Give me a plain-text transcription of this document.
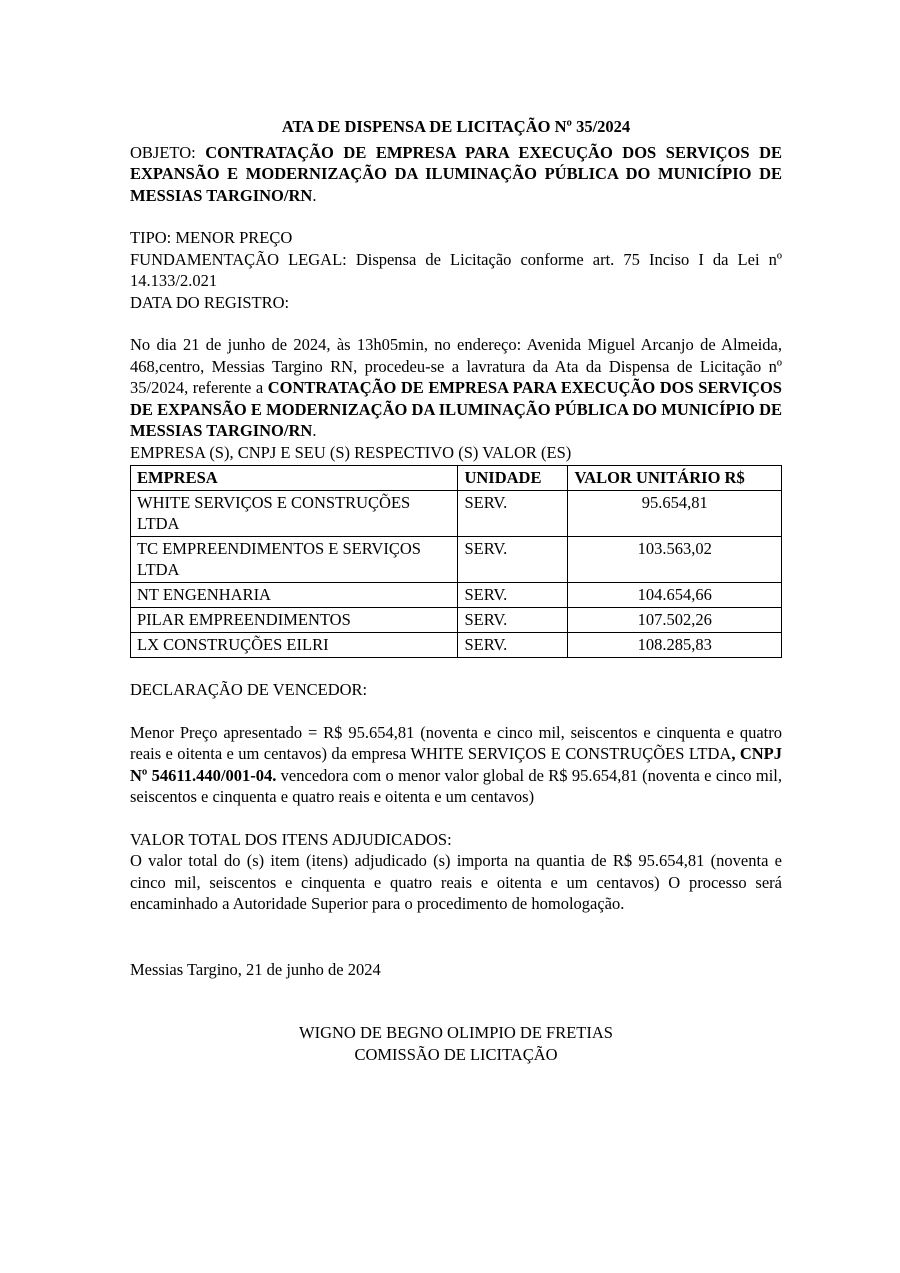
ATA DE DISPENSA DE LICITAÇÃO Nº 35/2024

OBJETO: CONTRATAÇÃO DE EMPRESA PARA EXECUÇÃO DOS SERVIÇOS DE EXPANSÃO E MODERNIZAÇÃO DA ILUMINAÇÃO PÚBLICA DO MUNICÍPIO DE MESSIAS TARGINO/RN.

TIPO: MENOR PREÇO

FUNDAMENTAÇÃO LEGAL: Dispensa de Licitação conforme art. 75 Inciso I da Lei nº 14.133/2.021

DATA DO REGISTRO:

No dia 21 de junho de 2024, às 13h05min, no endereço: Avenida Miguel Arcanjo de Almeida, 468,centro, Messias Targino RN, procedeu-se a lavratura da Ata da Dispensa de Licitação nº 35/2024, referente a CONTRATAÇÃO DE EMPRESA PARA EXECUÇÃO DOS SERVIÇOS DE EXPANSÃO E MODERNIZAÇÃO DA ILUMINAÇÃO PÚBLICA DO MUNICÍPIO DE MESSIAS TARGINO/RN.

EMPRESA (S), CNPJ E SEU (S) RESPECTIVO (S) VALOR (ES)

EMPRESA	UNIDADE	VALOR UNITÁRIO R$
WHITE SERVIÇOS E CONSTRUÇÕES LTDA	SERV.	95.654,81
TC EMPREENDIMENTOS E SERVIÇOS LTDA	SERV.	103.563,02
NT ENGENHARIA	SERV.	104.654,66
PILAR EMPREENDIMENTOS	SERV.	107.502,26
LX CONSTRUÇÕES EILRI	SERV.	108.285,83

DECLARAÇÃO DE VENCEDOR:

Menor Preço apresentado = R$ 95.654,81 (noventa e cinco mil, seiscentos e cinquenta e quatro reais e oitenta e um centavos) da empresa WHITE SERVIÇOS E CONSTRUÇÕES LTDA, CNPJ Nº 54611.440/001-04. vencedora com o menor valor global de R$ 95.654,81 (noventa e cinco mil, seiscentos e cinquenta e quatro reais e oitenta e um centavos)

VALOR TOTAL DOS ITENS ADJUDICADOS:

O valor total do (s) item (itens) adjudicado (s) importa na quantia de R$ 95.654,81 (noventa e cinco mil, seiscentos e cinquenta e quatro reais e oitenta e um centavos) O processo será encaminhado a Autoridade Superior para o procedimento de homologação.

Messias Targino, 21 de junho de 2024

WIGNO DE BEGNO OLIMPIO DE FRETIAS

COMISSÃO DE LICITAÇÃO
